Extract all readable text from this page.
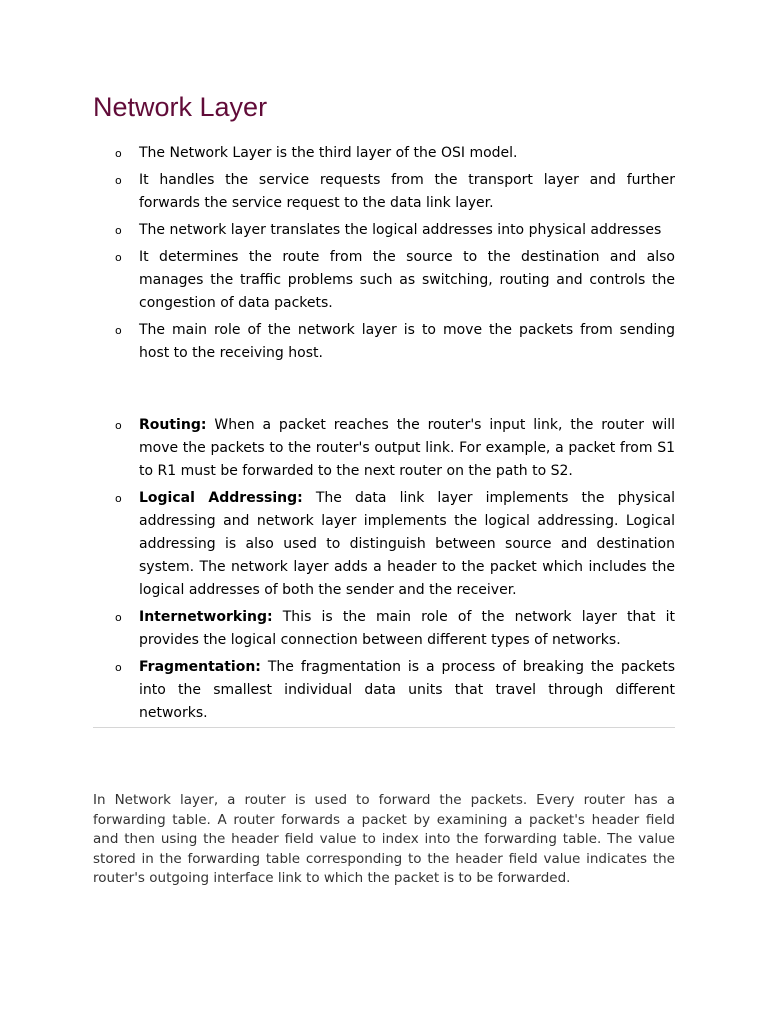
Network Layer
o The Network Layer is the third layer of the OSI model.
o It handles the service requests from the transport layer and further forwards the service request to the data link layer.
o The network layer translates the logical addresses into physical addresses
o It determines the route from the source to the destination and also manages the traffic problems such as switching, routing and controls the congestion of data packets.
o The main role of the network layer is to move the packets from sending host to the receiving host.
o Routing: When a packet reaches the router's input link, the router will move the packets to the router's output link. For example, a packet from S1 to R1 must be forwarded to the next router on the path to S2.
o Logical Addressing: The data link layer implements the physical addressing and network layer implements the logical addressing. Logical addressing is also used to distinguish between source and destination system. The network layer adds a header to the packet which includes the logical addresses of both the sender and the receiver.
o Internetworking: This is the main role of the network layer that it provides the logical connection between different types of networks.
o Fragmentation: The fragmentation is a process of breaking the packets into the smallest individual data units that travel through different networks.

In Network layer, a router is used to forward the packets. Every router has a forwarding table. A router forwards a packet by examining a packet's header field and then using the header field value to index into the forwarding table. The value stored in the forwarding table corresponding to the header field value indicates the router's outgoing interface link to which the packet is to be forwarded.
